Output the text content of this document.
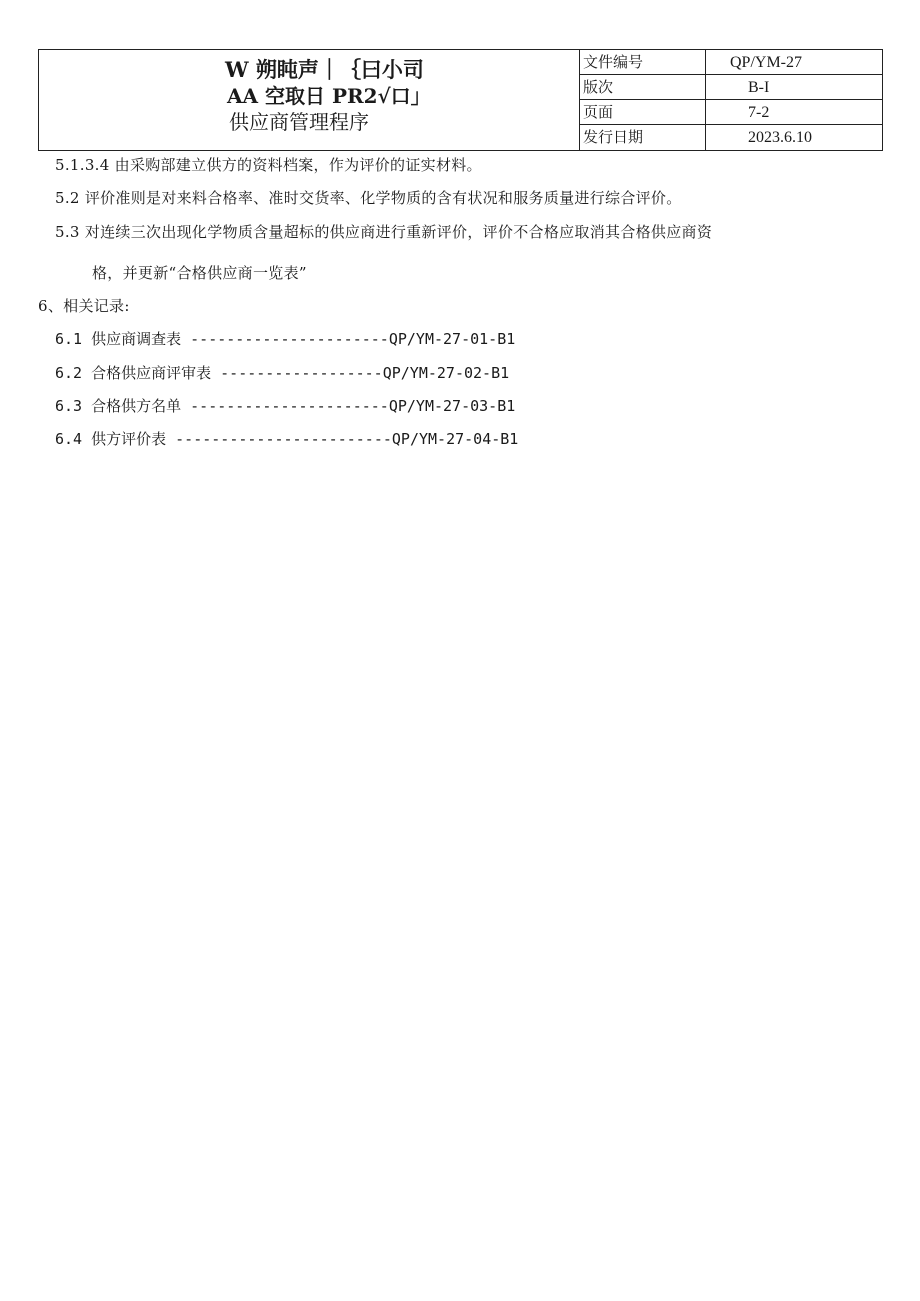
W 朔盹声｜｛曰小司
AA 空取日 PR2√口」
供应商管理程序
文件编号	QP/YM-27
版次	B-I
页面	7-2
发行日期	2023.6.10
5.1.3.4 由采购部建立供方的资料档案，作为评价的证实材料。
5.2 评价准则是对来料合格率、准时交货率、化学物质的含有状况和服务质量进行综合评价。
5.3 对连续三次出现化学物质含量超标的供应商进行重新评价，评价不合格应取消其合格供应商资
格，并更新“合格供应商一览表”
6、相关记录:
6.1 供应商调查表 ----------------------QP/YM-27-01-B1
6.2 合格供应商评审表 ------------------QP/YM-27-02-B1
6.3 合格供方名单 ----------------------QP/YM-27-03-B1
6.4 供方评价表 ------------------------QP/YM-27-04-B1
